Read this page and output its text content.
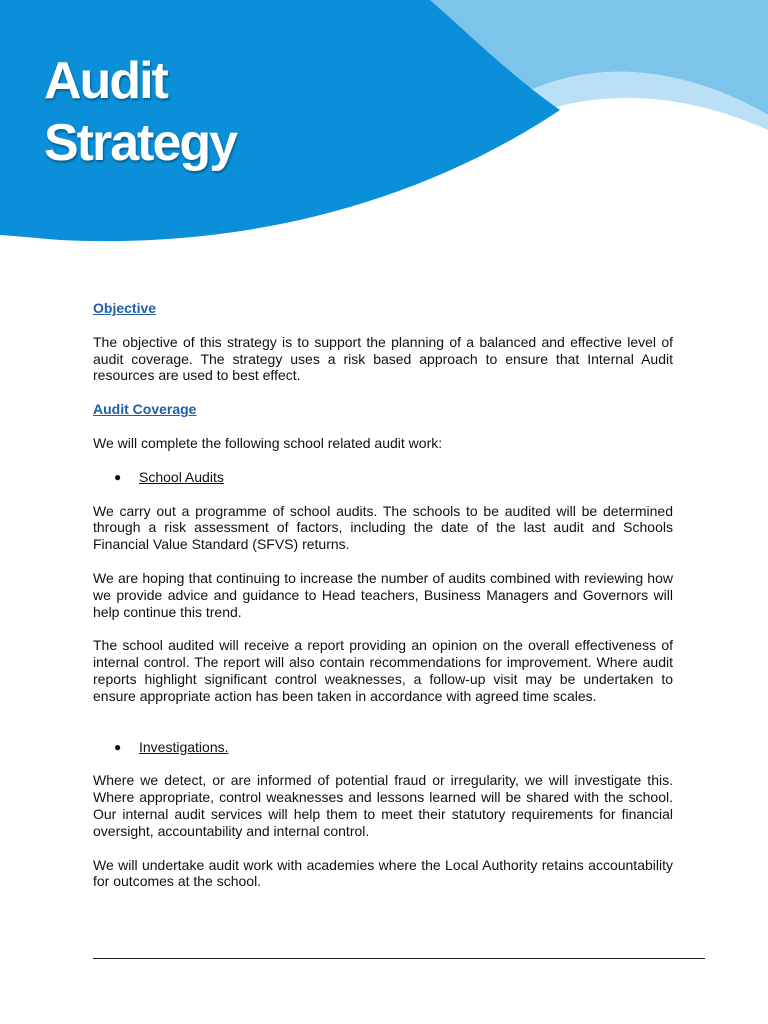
Audit
Strategy
Objective

The objective of this strategy is to support the planning of a balanced and effective level of audit coverage. The strategy uses a risk based approach to ensure that Internal Audit resources are used to best effect.

Audit Coverage

We will complete the following school related audit work:

● School Audits

We carry out a programme of school audits. The schools to be audited will be determined through a risk assessment of factors, including the date of the last audit and Schools Financial Value Standard (SFVS) returns.

We are hoping that continuing to increase the number of audits combined with reviewing how we provide advice and guidance to Head teachers, Business Managers and Governors will help continue this trend.

The school audited will receive a report providing an opinion on the overall effectiveness of internal control. The report will also contain recommendations for improvement. Where audit reports highlight significant control weaknesses, a follow-up visit may be undertaken to ensure appropriate action has been taken in accordance with agreed time scales.

● Investigations.

Where we detect, or are informed of potential fraud or irregularity, we will investigate this. Where appropriate, control weaknesses and lessons learned will be shared with the school. Our internal audit services will help them to meet their statutory requirements for financial oversight, accountability and internal control.

We will undertake audit work with academies where the Local Authority retains accountability for outcomes at the school.
